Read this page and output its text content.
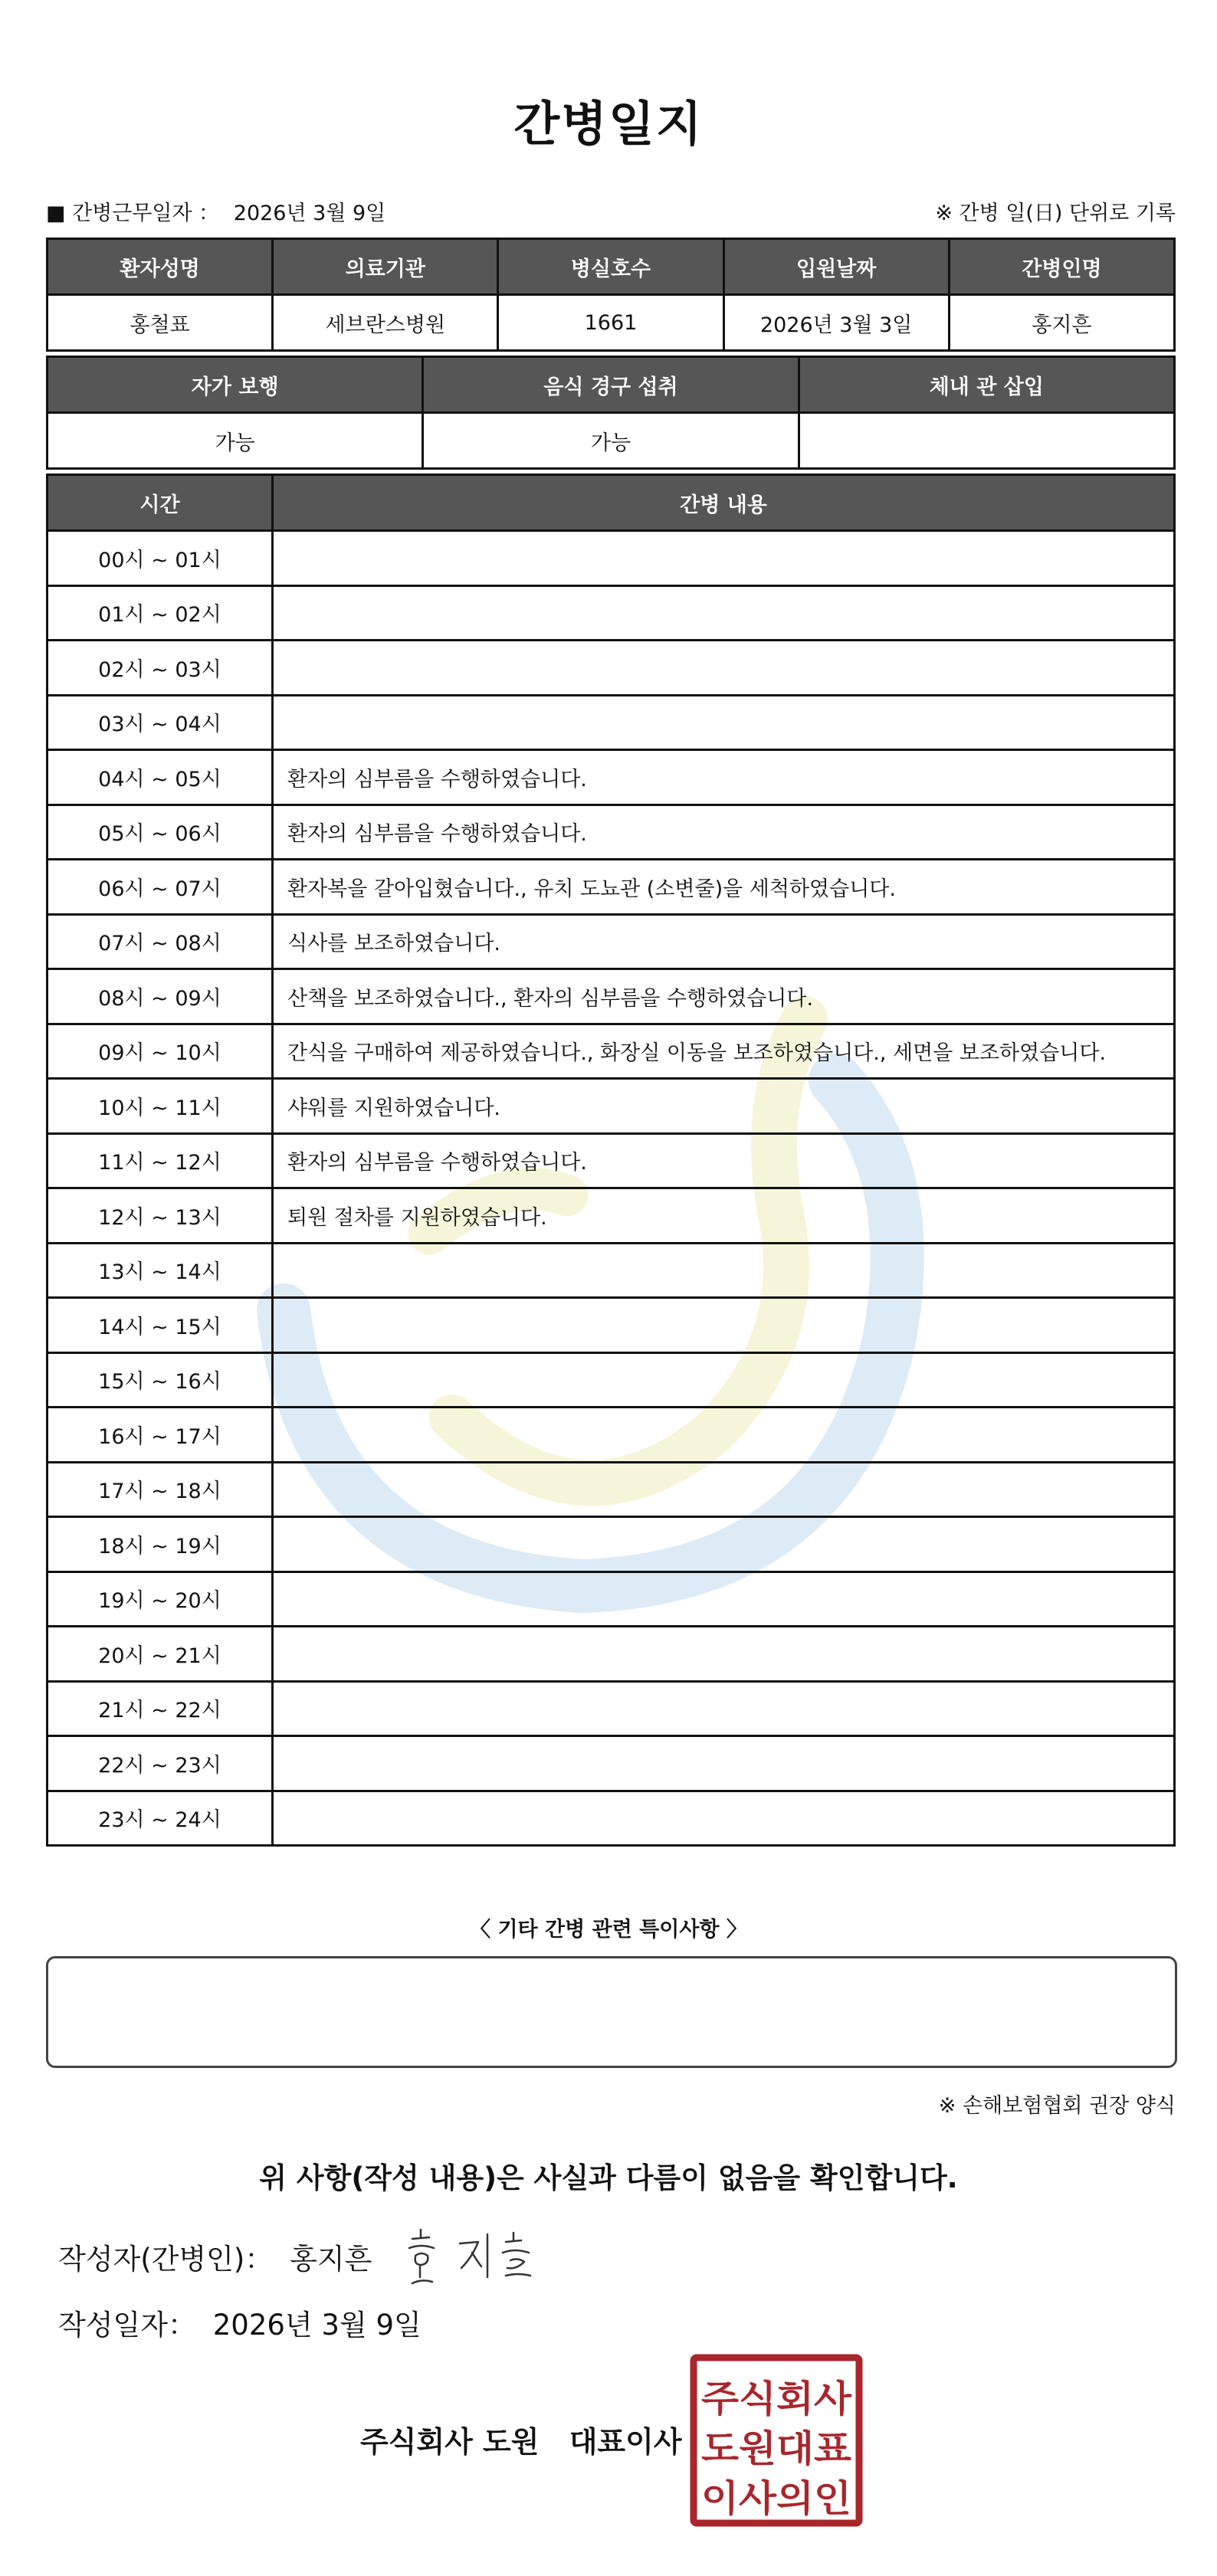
간병일지
■ 간병근무일자 ： 2026년 3월 9일	※ 간병 일(日) 단위로 기록
환자성명	의료기관	병실호수	입원날짜	간병인명
홍철표	세브란스병원	1661	2026년 3월 3일	홍지흔
자가 보행	음식 경구 섭취	체내 관 삽입
가능	가능	
시간	간병 내용
00시 ~ 01시	
01시 ~ 02시	
02시 ~ 03시	
03시 ~ 04시	
04시 ~ 05시	환자의 심부름을 수행하였습니다.
05시 ~ 06시	환자의 심부름을 수행하였습니다.
06시 ~ 07시	환자복을 갈아입혔습니다., 유치 도뇨관 (소변줄)을 세척하였습니다.
07시 ~ 08시	식사를 보조하였습니다.
08시 ~ 09시	산책을 보조하였습니다., 환자의 심부름을 수행하였습니다.
09시 ~ 10시	간식을 구매하여 제공하였습니다., 화장실 이동을 보조하였습니다., 세면을 보조하였습니다.
10시 ~ 11시	샤워를 지원하였습니다.
11시 ~ 12시	환자의 심부름을 수행하였습니다.
12시 ~ 13시	퇴원 절차를 지원하였습니다.
13시 ~ 14시	
14시 ~ 15시	
15시 ~ 16시	
16시 ~ 17시	
17시 ~ 18시	
18시 ~ 19시	
19시 ~ 20시	
20시 ~ 21시	
21시 ~ 22시	
22시 ~ 23시	
23시 ~ 24시	
〈 기타 간병 관련 특이사항 〉
※ 손해보험협회 권장 양식
위 사항(작성 내용)은 사실과 다름이 없음을 확인합니다.
작성자(간병인)： 홍지흔
작성일자： 2026년 3월 9일
주식회사 도원 대표이사
주식회사
도원대표
이사의인
